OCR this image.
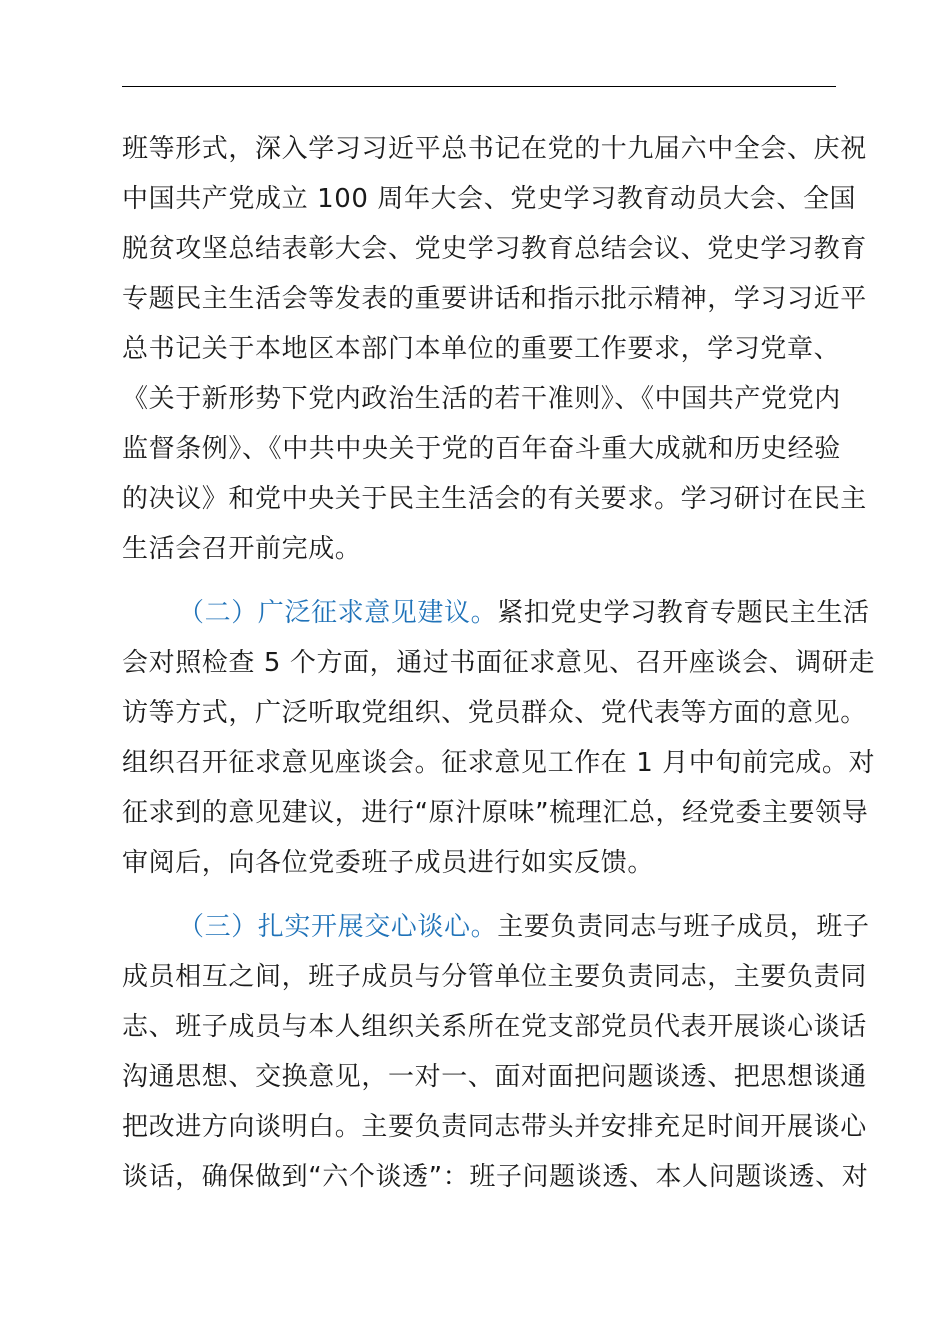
班等形式，深入学习习近平总书记在党的十九届六中全会、庆祝
中国共产党成立 100 周年大会、党史学习教育动员大会、全国
脱贫攻坚总结表彰大会、党史学习教育总结会议、党史学习教育
专题民主生活会等发表的重要讲话和指示批示精神，学习习近平
总书记关于本地区本部门本单位的重要工作要求，学习党章、
《关于新形势下党内政治生活的若干准则》、《中国共产党党内
监督条例》、《中共中央关于党的百年奋斗重大成就和历史经验
的决议》和党中央关于民主生活会的有关要求。学习研讨在民主
生活会召开前完成。

（二）广泛征求意见建议。紧扣党史学习教育专题民主生活
会对照检查 5 个方面，通过书面征求意见、召开座谈会、调研走
访等方式，广泛听取党组织、党员群众、党代表等方面的意见。
组织召开征求意见座谈会。征求意见工作在 1 月中旬前完成。对
征求到的意见建议，进行“原汁原味”梳理汇总，经党委主要领导
审阅后，向各位党委班子成员进行如实反馈。

（三）扎实开展交心谈心。主要负责同志与班子成员，班子
成员相互之间，班子成员与分管单位主要负责同志，主要负责同
志、班子成员与本人组织关系所在党支部党员代表开展谈心谈话
沟通思想、交换意见，一对一、面对面把问题谈透、把思想谈通
把改进方向谈明白。主要负责同志带头并安排充足时间开展谈心
谈话，确保做到“六个谈透”：班子问题谈透、本人问题谈透、对
